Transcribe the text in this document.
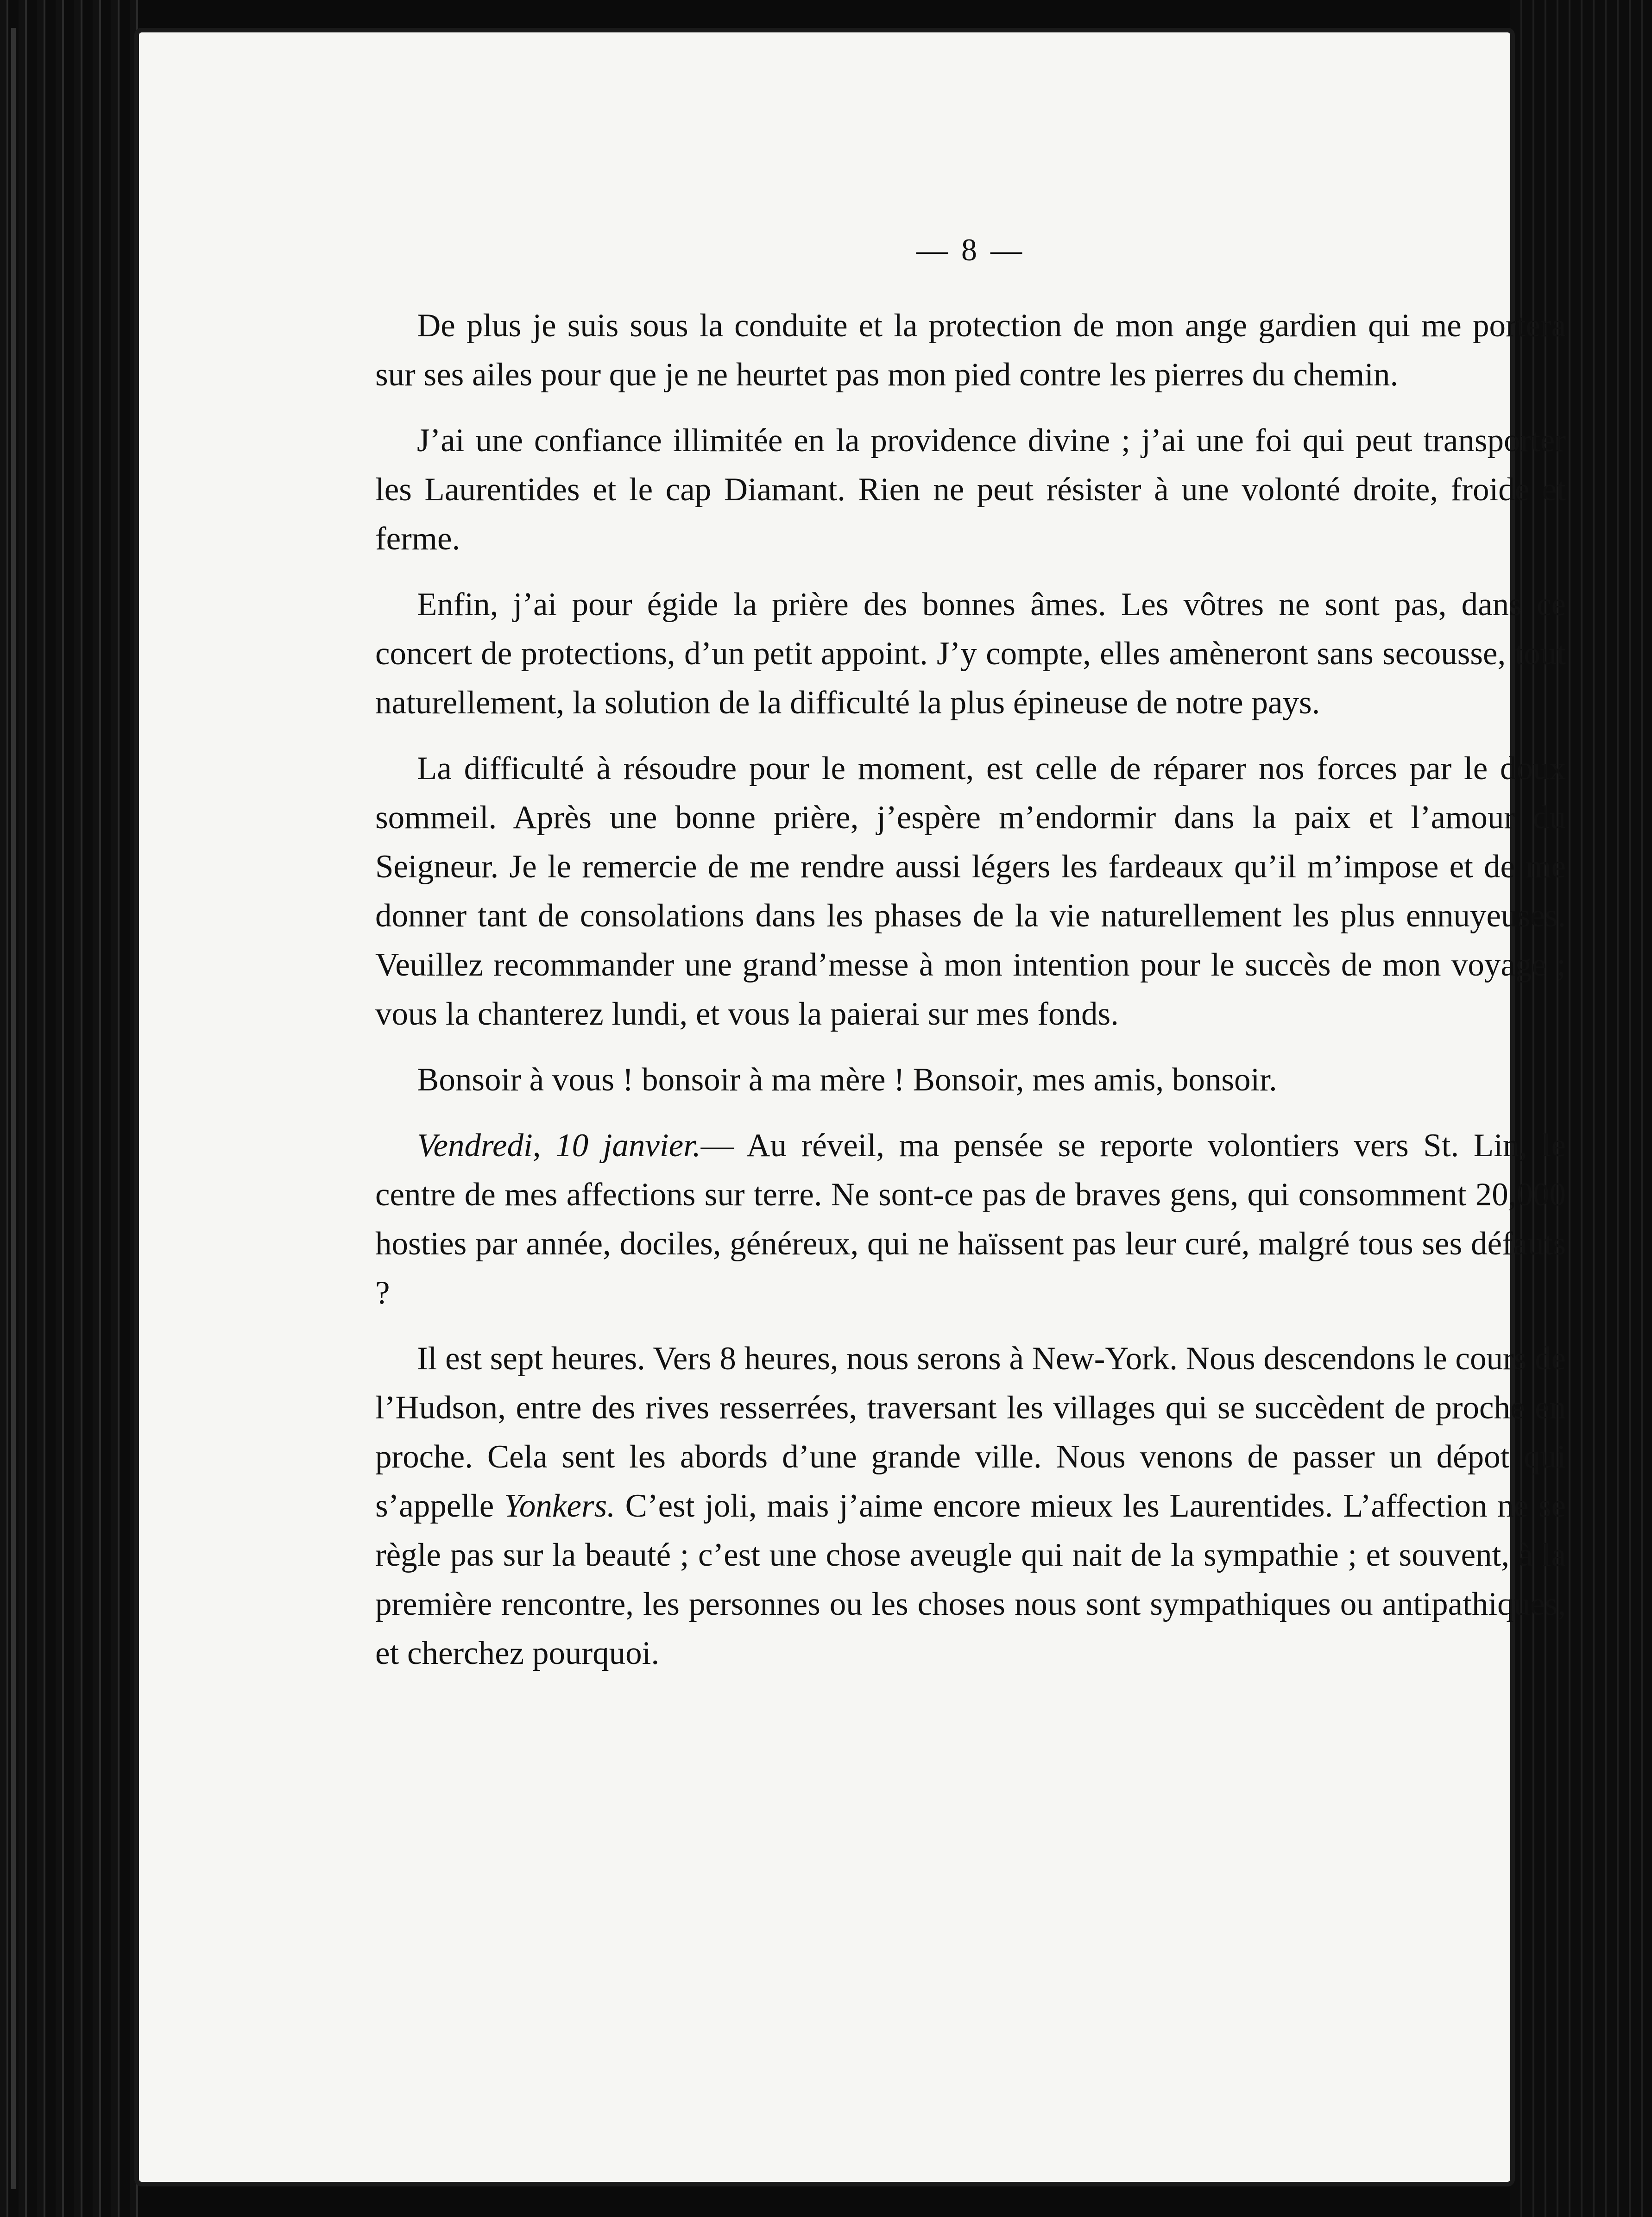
— 8 —

De plus je suis sous la conduite et la protection de mon ange gardien qui me portera sur ses ailes pour que je ne heurtet pas mon pied contre les pierres du chemin.

J’ai une confiance illimitée en la providence divine ; j’ai une foi qui peut transporter les Laurentides et le cap Diamant. Rien ne peut résister à une volonté droite, froide et ferme.

Enfin, j’ai pour égide la prière des bonnes âmes. Les vôtres ne sont pas, dans ce concert de protections, d’un petit appoint. J’y compte, elles amèneront sans secousse, tout naturellement, la solution de la difficulté la plus épineuse de notre pays.

La difficulté à résoudre pour le moment, est celle de réparer nos forces par le doux sommeil. Après une bonne prière, j’espère m’endormir dans la paix et l’amour du Seigneur. Je le remercie de me rendre aussi légers les fardeaux qu’il m’impose et de me donner tant de consolations dans les phases de la vie naturellement les plus ennuyeuses. Veuillez recommander une grand’messe à mon intention pour le succès de mon voyage ; vous la chanterez lundi, et vous la paierai sur mes fonds.

Bonsoir à vous ! bonsoir à ma mère ! Bonsoir, mes amis, bonsoir.

Vendredi, 10 janvier.— Au réveil, ma pensée se reporte volontiers vers St. Lin, le centre de mes affections sur terre. Ne sont-ce pas de braves gens, qui consomment 20,000 hosties par année, dociles, généreux, qui ne haïssent pas leur curé, malgré tous ses défauts ?

Il est sept heures. Vers 8 heures, nous serons à New-York. Nous descendons le cours de l’Hudson, entre des rives resserrées, traversant les villages qui se succèdent de proche en proche. Cela sent les abords d’une grande ville. Nous venons de passer un dépot qui s’appelle Yonkers. C’est joli, mais j’aime encore mieux les Laurentides. L’affection ne se règle pas sur la beauté ; c’est une chose aveugle qui nait de la sympathie ; et souvent, à la première rencontre, les personnes ou les choses nous sont sympathiques ou antipathiques, et cherchez pourquoi.
